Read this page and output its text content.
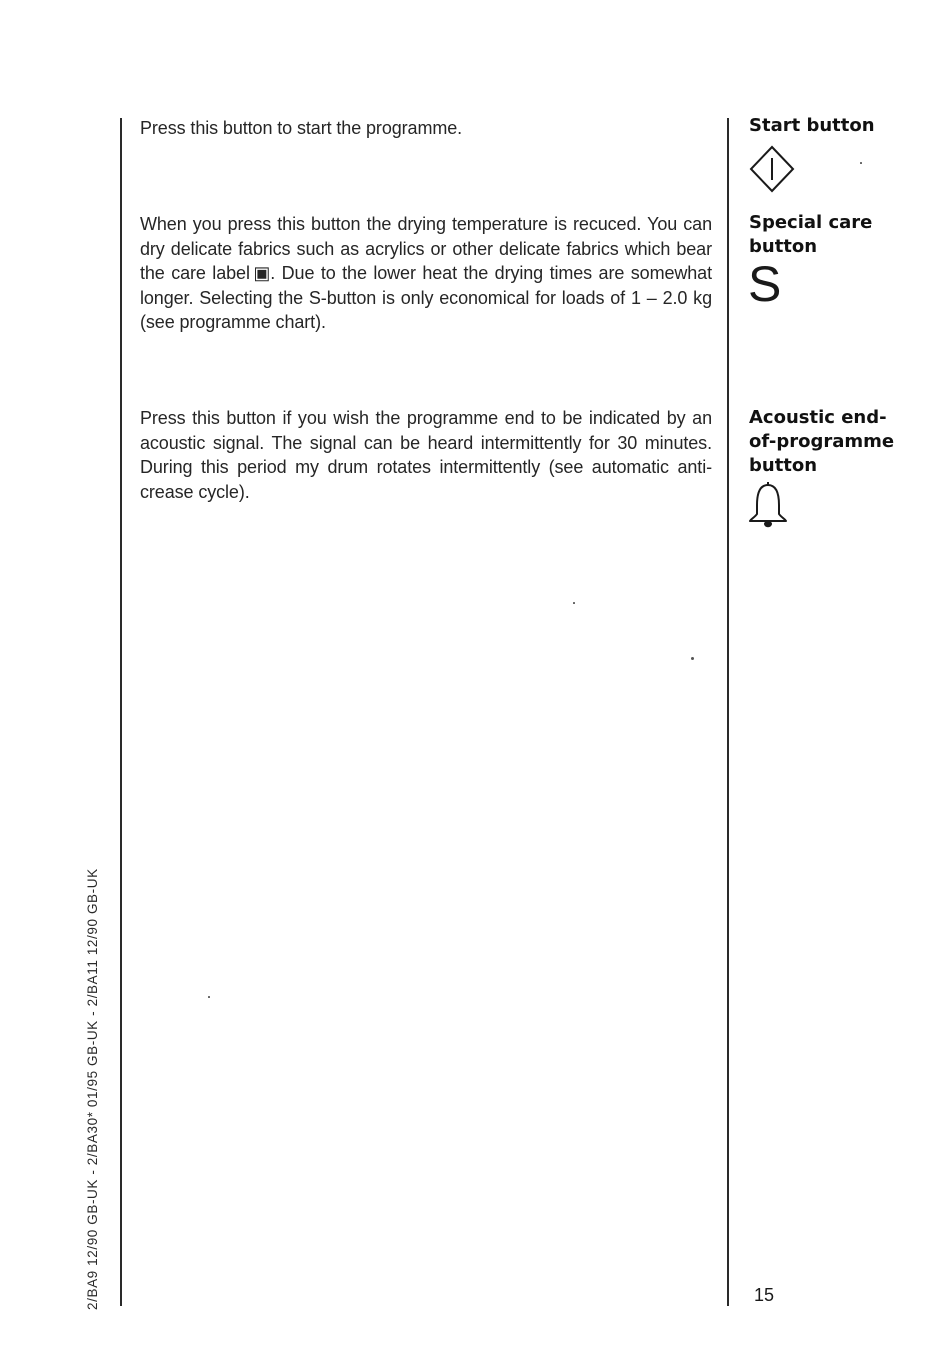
Press this button to start the programme.	Start button

When you press this button the drying temperature is recuced. You can dry delicate fabrics such as acrylics or other delicate fabrics which bear the care label ▣. Due to the lower heat the drying times are somewhat longer. Selecting the S-button is only economical for loads of 1 – 2.0 kg (see programme chart).

Special care button
S

Press this button if you wish the programme end to be indicated by an acoustic signal. The signal can be heard intermittently for 30 minutes. During this period my drum rotates intermittently (see automatic anti-crease cycle).

Acoustic end-
of-programme
button
2/BA9 12/90 GB-UK - 2/BA30* 01/95 GB-UK - 2/BA11 12/90 GB-UK	15
